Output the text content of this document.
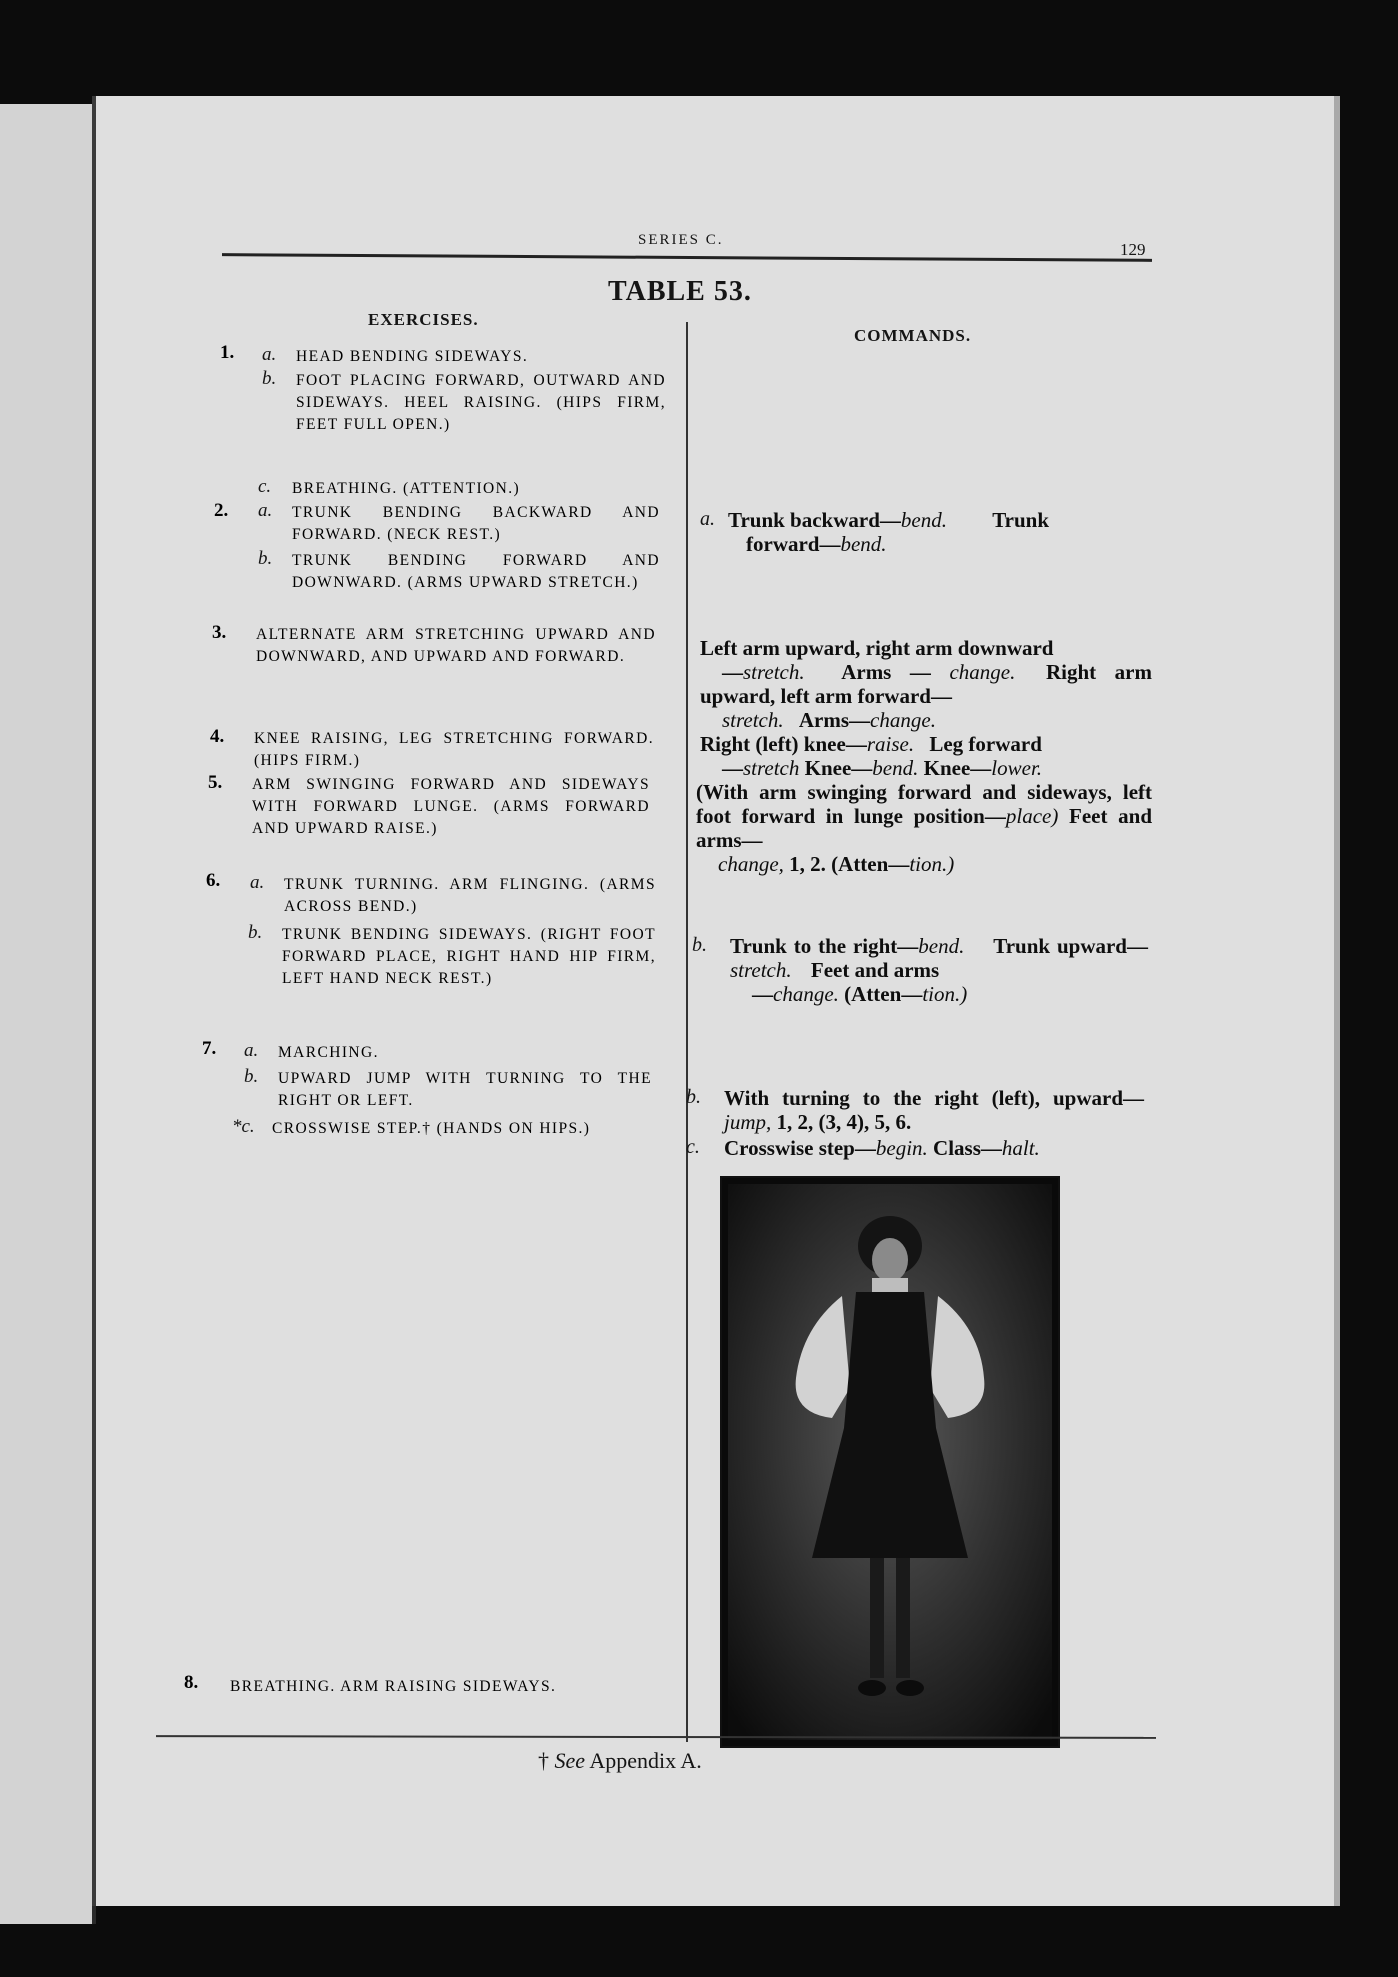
SERIES C.	129
TABLE 53.
EXERCISES.
COMMANDS.
1. a. HEAD BENDING SIDEWAYS.
b. FOOT PLACING FORWARD, OUTWARD AND SIDEWAYS. HEEL RAISING. (HIPS FIRM, FEET FULL OPEN.)
c. BREATHING. (ATTENTION.)
2. a. TRUNK BENDING BACKWARD AND FORWARD. (NECK REST.)
b. TRUNK BENDING FORWARD AND DOWNWARD. (ARMS UPWARD STRETCH.)
3. ALTERNATE ARM STRETCHING UPWARD AND DOWNWARD, AND UPWARD AND FORWARD.
4. KNEE RAISING, LEG STRETCHING FORWARD. (HIPS FIRM.)
5. ARM SWINGING FORWARD AND SIDEWAYS WITH FORWARD LUNGE. (ARMS FORWARD AND UPWARD RAISE.)
6. a. TRUNK TURNING. ARM FLINGING. (ARMS ACROSS BEND.)
b. TRUNK BENDING SIDEWAYS. (RIGHT FOOT FORWARD PLACE, RIGHT HAND HIP FIRM, LEFT HAND NECK REST.)
7. a. MARCHING.
b. UPWARD JUMP WITH TURNING TO THE RIGHT OR LEFT.
*c. CROSSWISE STEP.† (HANDS ON HIPS.)
8. BREATHING. ARM RAISING SIDEWAYS.
a. Trunk backward—bend. Trunk
forward—bend.
Left arm upward, right arm downward
—stretch. Arms — change. Right arm upward, left arm forward—
stretch. Arms—change.
Right (left) knee—raise. Leg forward
—stretch Knee—bend. Knee—lower.
(With arm swinging forward and sideways, left foot forward in lunge position—place) Feet and arms—
change, 1, 2. (Atten—tion.)
b. Trunk to the right—bend. Trunk upward—stretch. Feet and arms
—change. (Atten—tion.)
b. With turning to the right (left), upward—jump, 1, 2, (3, 4), 5, 6.
c. Crosswise step—begin. Class—halt.
† See Appendix A.
